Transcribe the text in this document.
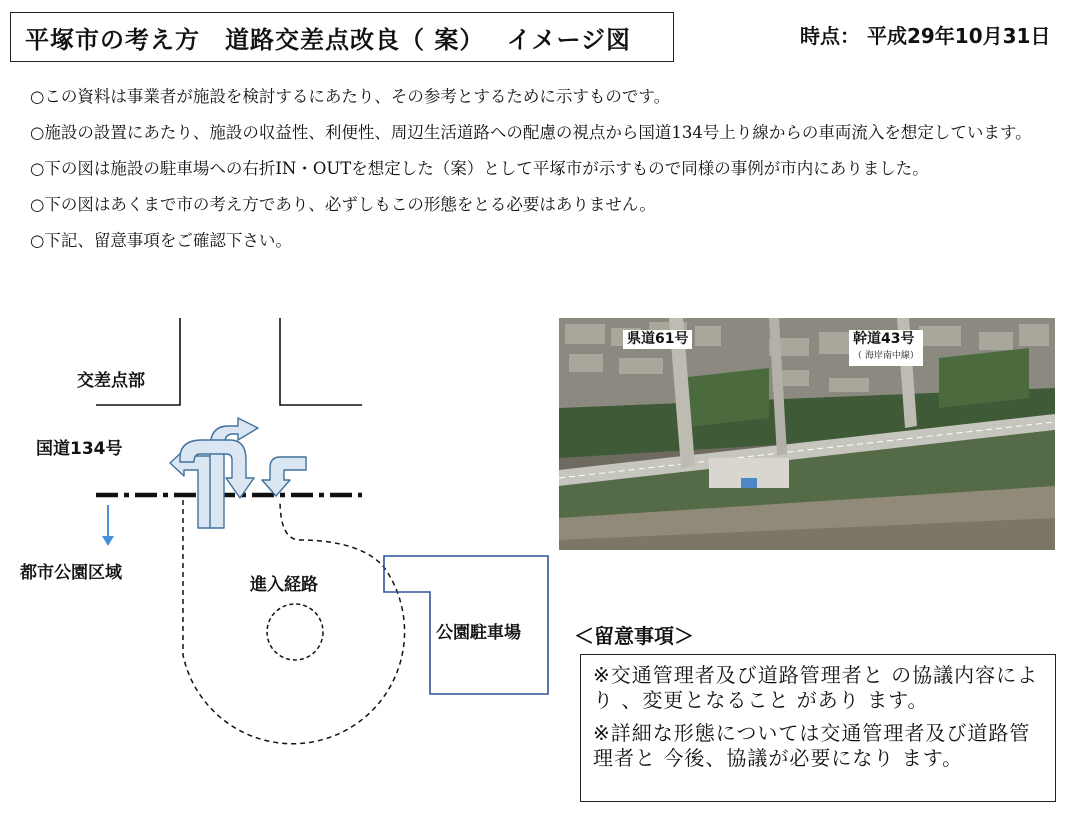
平塚市の考え方　道路交差点改良（ 案）　 イメージ図	時点： 平成29年10月31日

○この資料は事業者が施設を検討するにあたり、その参考とするために示すものです。

○施設の設置にあたり、施設の収益性、利便性、周辺生活道路への配慮の視点から国道134号上り線からの車両流入を想定しています。

○下の図は施設の駐車場への右折IN・OUTを想定した（案）として平塚市が示すもので同様の事例が市内にありました。

○下の図はあくまで市の考え方であり、必ずしもこの形態をとる必要はありません。

○下記、留意事項をご確認下さい。

交差点部
国道134号
都市公園区域
進入経路
公園駐車場
県道61号	幹道43号
（ 海岸南中線）
＜留意事項＞

※交通管理者及び道路管理者と の協議内容により 、変更となること があり ます。

※詳細な形態については交通管理者及び道路管理者と 今後、協議が必要になり ます。
